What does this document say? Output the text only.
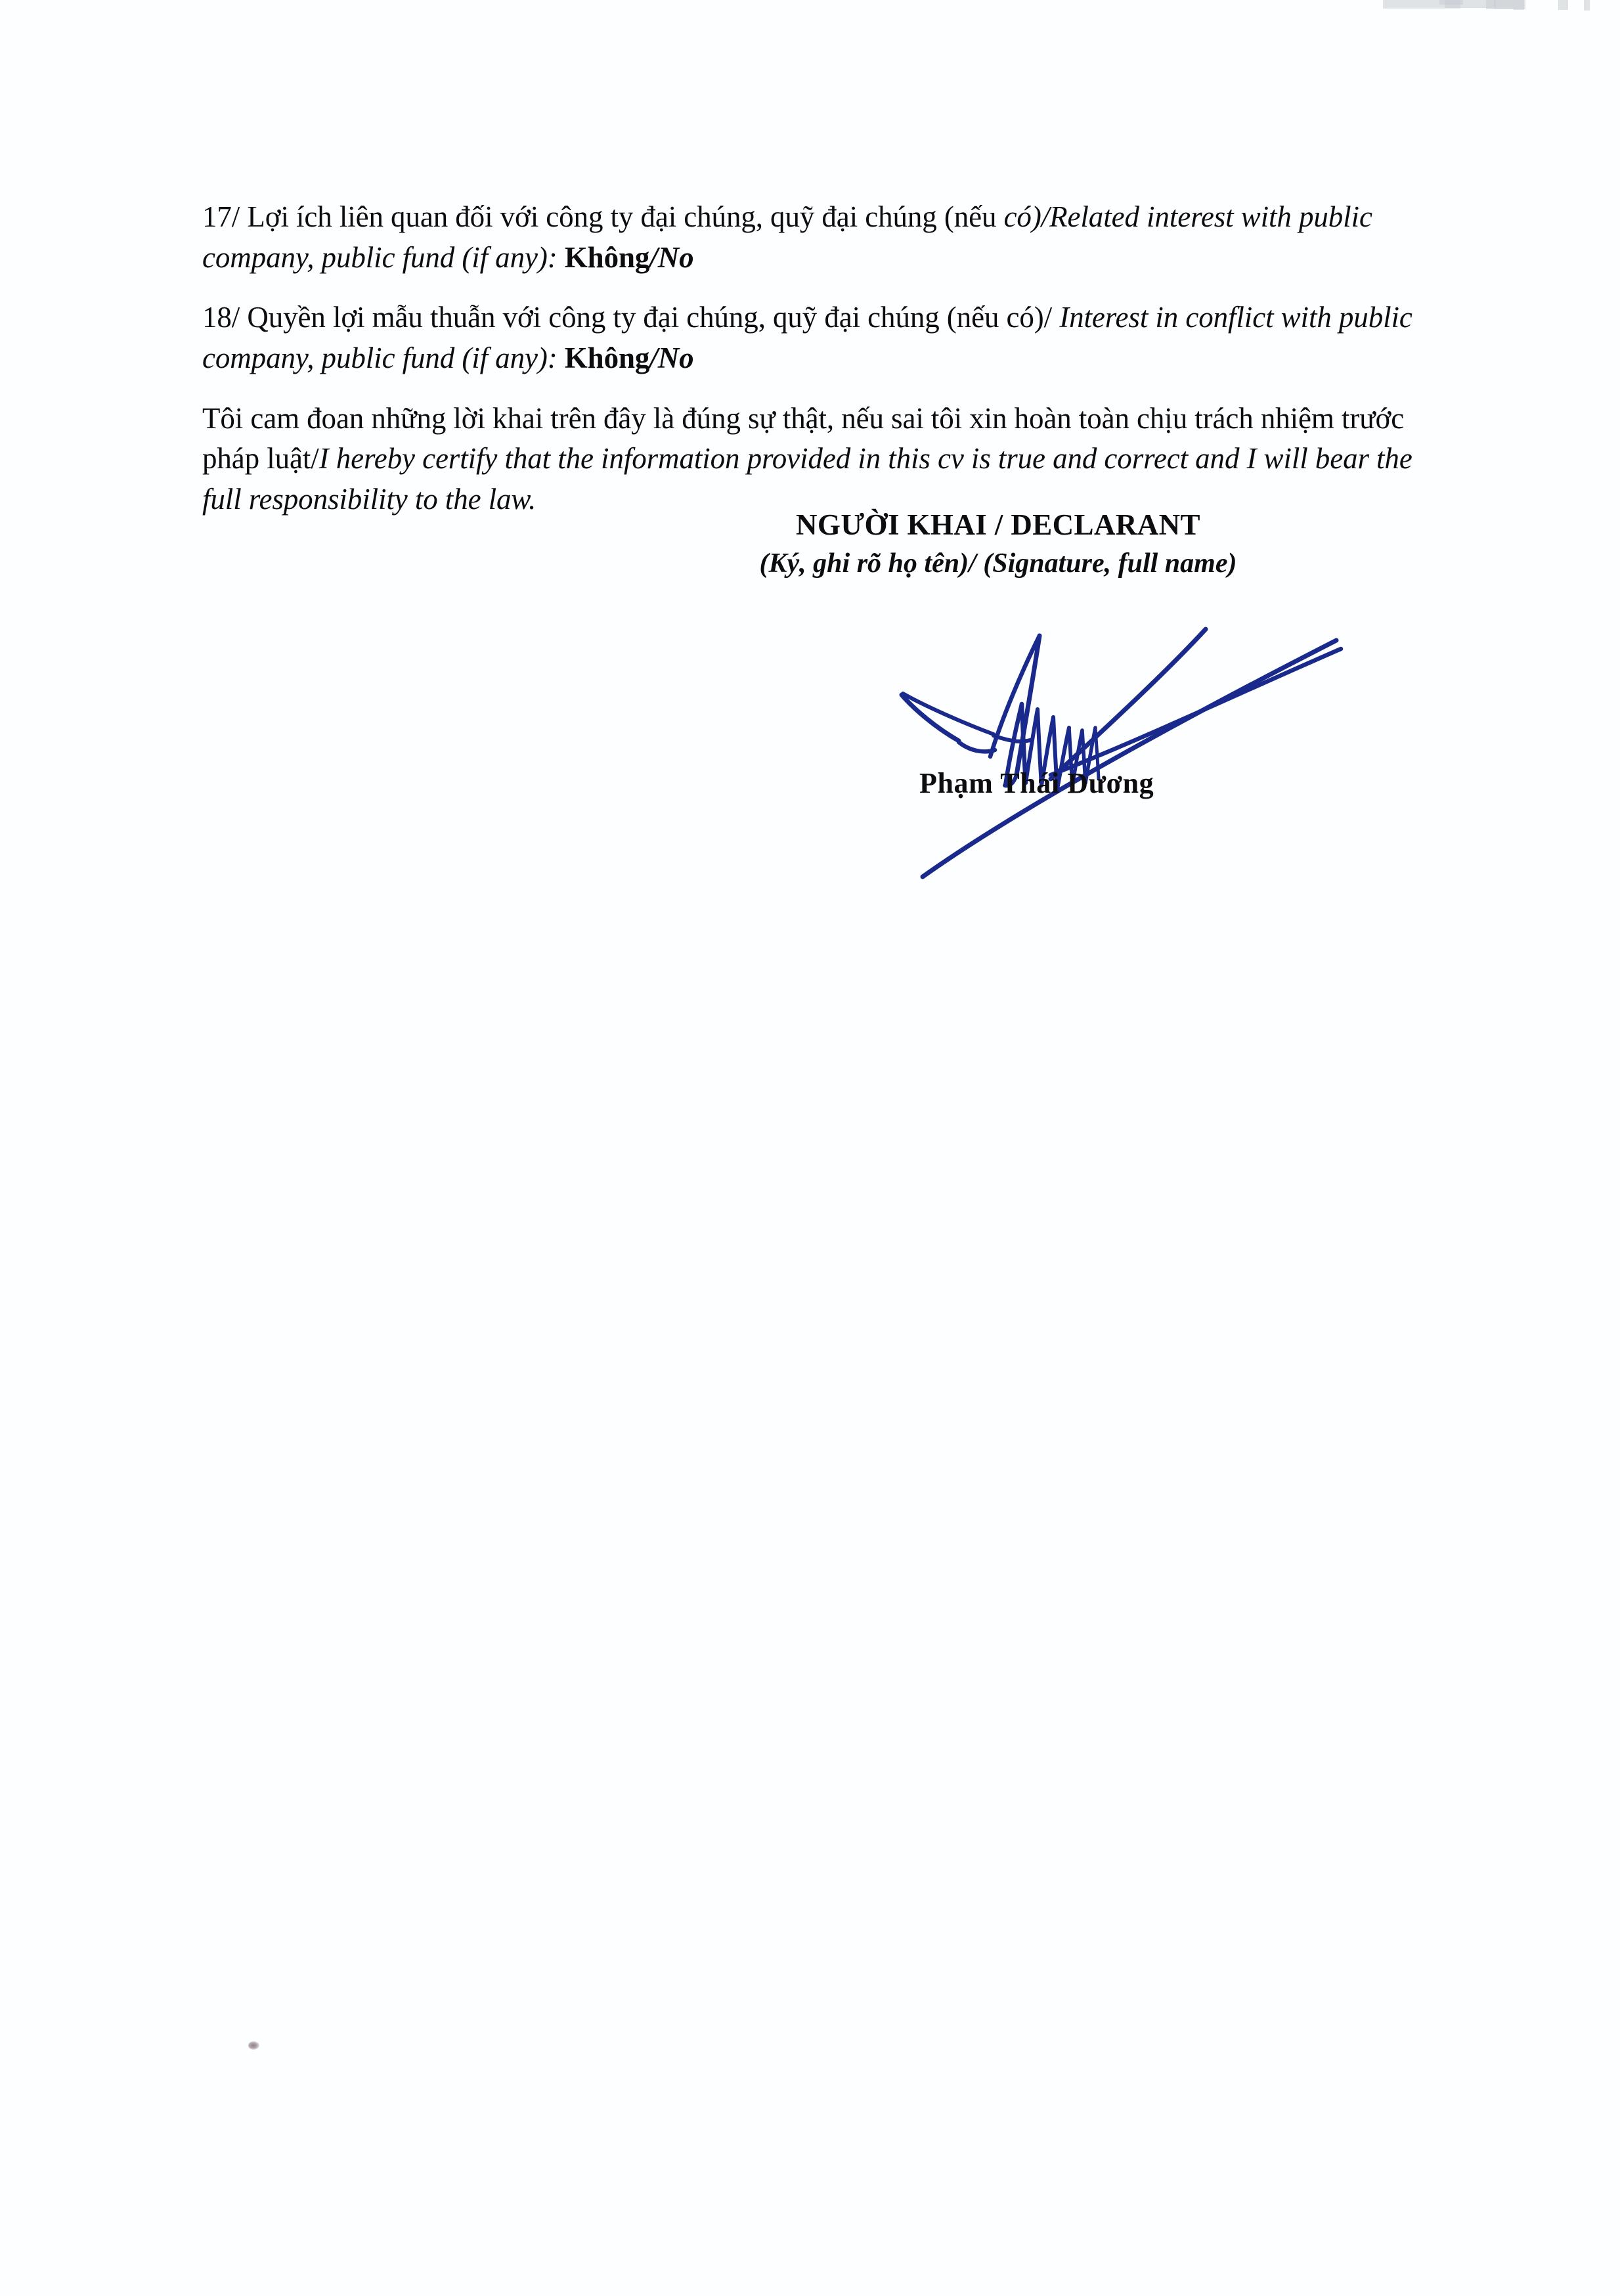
17/ Lợi ích liên quan đối với công ty đại chúng, quỹ đại chúng (nếu có)/Related interest with public company, public fund (if any): Không/No

18/ Quyền lợi mẫu thuẫn với công ty đại chúng, quỹ đại chúng (nếu có)/ Interest in conflict with public company, public fund (if any): Không/No

Tôi cam đoan những lời khai trên đây là đúng sự thật, nếu sai tôi xin hoàn toàn chịu trách nhiệm trước pháp luật/I hereby certify that the information provided in this cv is true and correct and I will bear the full responsibility to the law.

NGƯỜI KHAI / DECLARANT
(Ký, ghi rõ họ tên)/ (Signature, full name)
Phạm Thái Dương
